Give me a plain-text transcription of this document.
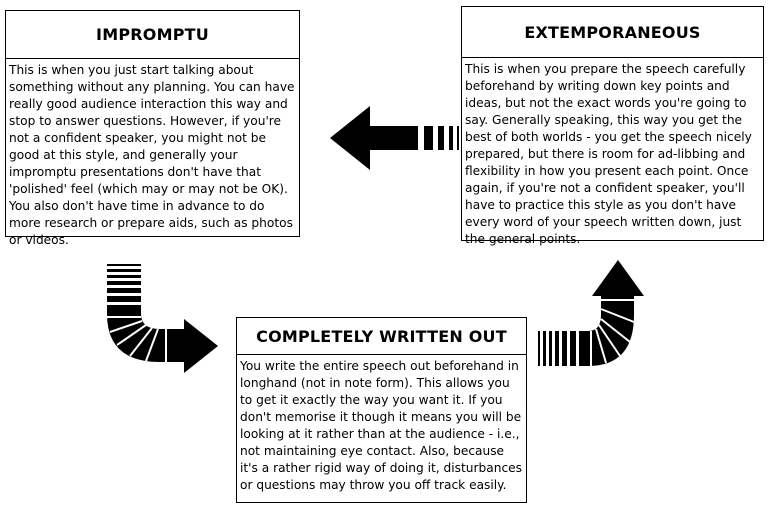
IMPROMPTU
This is when you just start talking about something without any planning. You can have really good audience interaction this way and stop to answer questions. However, if you're not a confident speaker, you might not be good at this style, and generally your impromptu presentations don't have that 'polished' feel (which may or may not be OK). You also don't have time in advance to do more research or prepare aids, such as photos or videos.
EXTEMPORANEOUS
This is when you prepare the speech carefully beforehand by writing down key points and ideas, but not the exact words you're going to say. Generally speaking, this way you get the best of both worlds - you get the speech nicely prepared, but there is room for ad-libbing and flexibility in how you present each point. Once again, if you're not a confident speaker, you'll have to practice this style as you don't have every word of your speech written down, just the general points.
COMPLETELY WRITTEN OUT
You write the entire speech out beforehand in longhand (not in note form). This allows you to get it exactly the way you want it. If you don't memorise it though it means you will be looking at it rather than at the audience - i.e., not maintaining eye contact. Also, because it's a rather rigid way of doing it, disturbances or questions may throw you off track easily.
